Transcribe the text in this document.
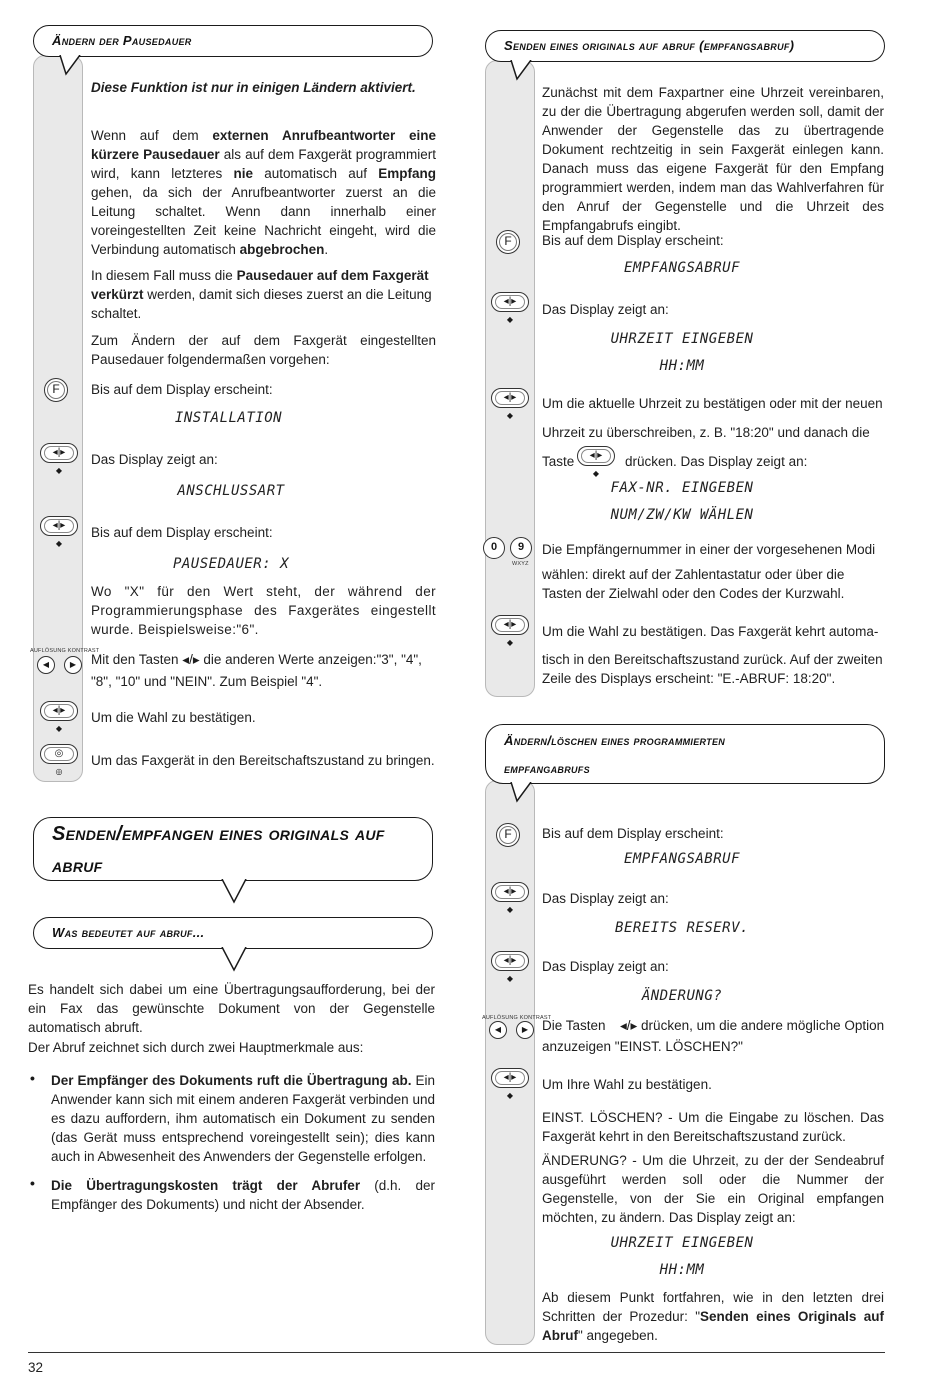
Ändern der Pausedauer
Diese Funktion ist nur in einigen Ländern aktiviert.
Wenn auf dem externen Anrufbeantworter eine kürzere Pausedauer als auf dem Faxgerät programmiert wird, kann letzteres nie automatisch auf Empfang gehen, da sich der Anrufbeantworter zuerst an die Leitung schaltet. Wenn dann innerhalb einer voreingestellten Zeit keine Nachricht eingeht, wird die Verbindung automatisch abgebrochen.
In diesem Fall muss die Pausedauer auf dem Faxgerät verkürzt werden, damit sich dieses zuerst an die Leitung schaltet.
Zum Ändern der auf dem Faxgerät eingestellten Pausedauer folgendermaßen vorgehen:
F	Bis auf dem Display erscheint:
INSTALLATION
◂|▸
◆
Das Display zeigt an:
ANSCHLUSSART
◂|▸
◆
Bis auf dem Display erscheint:
PAUSEDAUER: X
Wo "X" für den Wert steht, der während der Programmierungsphase des Faxgerätes eingestellt wurde. Beispielsweise:"6".
AUFLÖSUNG KONTRAST
◀	▶	Mit den Tasten ◂/▸ die anderen Werte anzeigen:"3", "4", "8", "10" und "NEIN". Zum Beispiel "4".
◂|▸
◆
Um die Wahl zu bestätigen.
◎
◎
Um das Faxgerät in den Bereitschaftszustand zu bringen.
Senden/empfangen eines originals auf abruf
Was bedeutet auf abruf...
Es handelt sich dabei um eine Übertragungsaufforderung, bei der ein Fax das gewünschte Dokument von der Gegenstelle automatisch abruft.
Der Abruf zeichnet sich durch zwei Hauptmerkmale aus:
• Der Empfänger des Dokuments ruft die Übertragung ab. Ein Anwender kann sich mit einem anderen Faxgerät verbinden und es dazu auffordern, ihm automatisch ein Dokument zu senden (das Gerät muss entsprechend voreingestellt sein); dies kann auch in Abwesenheit des Anwenders der Gegenstelle erfolgen.
• Die Übertragungskosten trägt der Abrufer (d.h. der Empfänger des Dokuments) und nicht der Absender.
Senden eines originals auf abruf (empfangsabruf)
Zunächst mit dem Faxpartner eine Uhrzeit vereinbaren, zu der die Übertragung abgerufen werden soll, damit der Anwender der Gegenstelle das zu übertragende Dokument rechtzeitig in sein Faxgerät einlegen kann. Danach muss das eigene Faxgerät für den Empfang programmiert werden, indem man das Wahlverfahren für den Anruf der Gegenstelle und die Uhrzeit des Empfangabrufs eingibt.
F	Bis auf dem Display erscheint:
EMPFANGSABRUF
◂|▸
◆
Das Display zeigt an:
UHRZEIT EINGEBEN
HH:MM
◂|▸
◆
Um die aktuelle Uhrzeit zu bestätigen oder mit der neuen
Uhrzeit zu überschreiben, z. B. "18:20" und danach die
Taste	◂|▸
◆
drücken. Das Display zeigt an:
FAX-NR. EINGEBEN
NUM/ZW/KW WÄHLEN
0	9
WXYZ
Die Empfängernummer in einer der vorgesehenen Modi
wählen: direkt auf der Zahlentastatur oder über die Tasten der Zielwahl oder den Codes der Kurzwahl.
◂|▸
◆
Um die Wahl zu bestätigen. Das Faxgerät kehrt automa-
tisch in den Bereitschaftszustand zurück. Auf der zweiten Zeile des Displays erscheint: "E.-ABRUF: 18:20".
Ändern/löschen eines programmierten
empfangabrufs
F	Bis auf dem Display erscheint:
EMPFANGSABRUF
◂|▸
◆
Das Display zeigt an:
BEREITS RESERV.
◂|▸
◆
Das Display zeigt an:
ÄNDERUNG?
AUFLÖSUNG KONTRAST
◀	▶	Die Tasten ◂/▸ drücken, um die andere mögliche Option
anzuzeigen "EINST. LÖSCHEN?"
◂|▸
◆
Um Ihre Wahl zu bestätigen.
EINST. LÖSCHEN? - Um die Eingabe zu löschen. Das Faxgerät kehrt in den Bereitschaftszustand zurück.
ÄNDERUNG? - Um die Uhrzeit, zu der der Sendeabruf ausgeführt werden soll oder die Nummer der Gegenstelle, von der Sie ein Original empfangen möchten, zu ändern. Das Display zeigt an:
UHRZEIT EINGEBEN
HH:MM
Ab diesem Punkt fortfahren, wie in den letzten drei Schritten der Prozedur: "Senden eines Originals auf Abruf" angegeben.
32
